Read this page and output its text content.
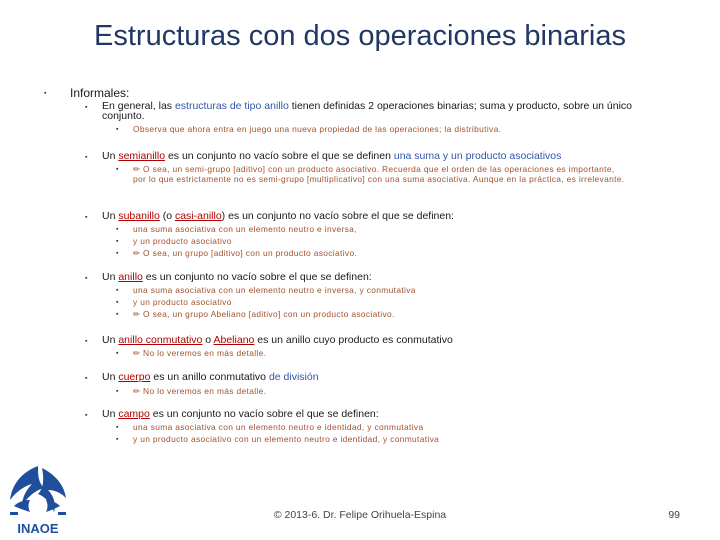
Estructuras con dos operaciones binarias
▪ Informales:
▪ En general, las estructuras de tipo anillo tienen definidas 2 operaciones binarias; suma y producto, sobre un único
conjunto.
▪ Observa que ahora entra en juego una nueva propiedad de las operaciones; la distributiva.
▪ Un semianillo es un conjunto no vacío sobre el que se definen una suma y un producto asociativos
▪ ✏ O sea, un semi-grupo [aditivo] con un producto asociativo. Recuerda que el orden de las operaciones es importante,
por lo que estrictamente no es semi-grupo [multiplicativo] con una suma asociativa. Aunque en la práctica, es irrelevante.
▪ Un subanillo (o casi-anillo) es un conjunto no vacío sobre el que se definen:
▪ una suma asociativa con un elemento neutro e inversa,
▪ y un producto asociativo
▪ ✏ O sea, un grupo [aditivo] con un producto asociativo.
▪ Un anillo es un conjunto no vacío sobre el que se definen:
▪ una suma asociativa con un elemento neutro e inversa, y conmutativa
▪ y un producto asociativo
▪ ✏ O sea, un grupo Abeliano [aditivo] con un producto asociativo.
▪ Un anillo conmutativo o Abeliano es un anillo cuyo producto es conmutativo
▪ ✏ No lo veremos en más detalle.
▪ Un cuerpo es un anillo conmutativo de división
▪ ✏ No lo veremos en más detalle.
▪ Un campo es un conjunto no vacío sobre el que se definen:
▪ una suma asociativa con un elemento neutro e identidad, y conmutativa
▪ y un producto asociativo con un elemento neutro e identidad, y conmutativa
INAOE
© 2013-6. Dr. Felipe Orihuela-Espina	99
